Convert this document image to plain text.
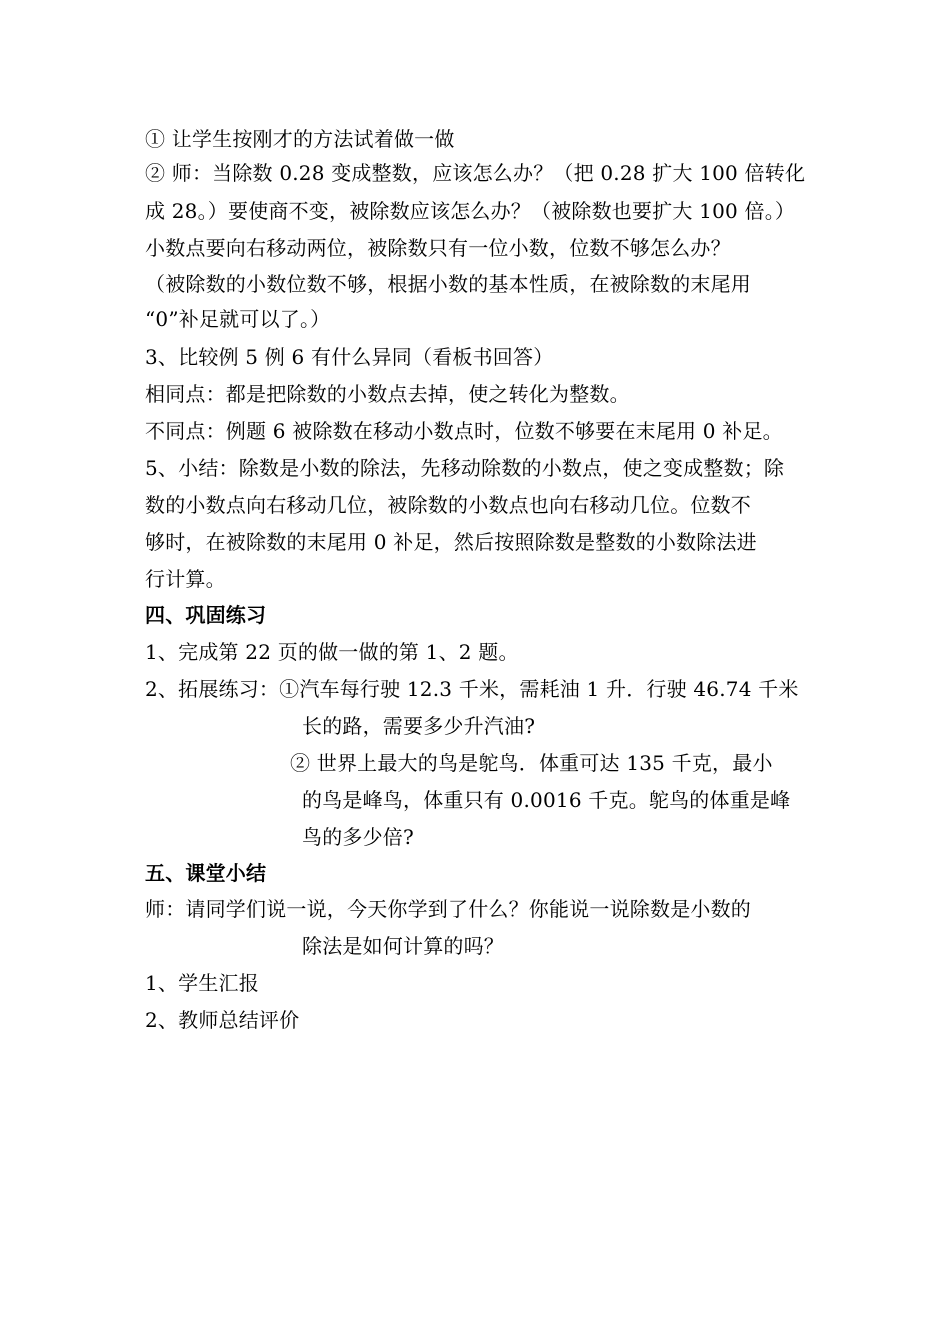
① 让学生按刚才的方法试着做一做
② 师：当除数 0.28 变成整数，应该怎么办？（把 0.28 扩大 100 倍转化
成 28。）要使商不变，被除数应该怎么办？（被除数也要扩大 100 倍。）
小数点要向右移动两位，被除数只有一位小数，位数不够怎么办？
（被除数的小数位数不够，根据小数的基本性质，在被除数的末尾用
“0”补足就可以了。）
3、比较例 5 例 6 有什么异同（看板书回答）
相同点：都是把除数的小数点去掉，使之转化为整数。
不同点：例题 6 被除数在移动小数点时，位数不够要在末尾用 0 补足。
5、小结：除数是小数的除法，先移动除数的小数点，使之变成整数；除
数的小数点向右移动几位，被除数的小数点也向右移动几位。位数不
够时，在被除数的末尾用 0 补足，然后按照除数是整数的小数除法进
行计算。
四、巩固练习
1、完成第 22 页的做一做的第 1、2 题。
2、拓展练习：①汽车每行驶 12.3 千米，需耗油 1 升．行驶 46.74 千米
长的路，需要多少升汽油?
② 世界上最大的鸟是鸵鸟．体重可达 135 千克，最小
的鸟是峰鸟，体重只有 0.0016 千克。鸵鸟的体重是峰
鸟的多少倍?
五、课堂小结
师：请同学们说一说，今天你学到了什么？你能说一说除数是小数的
除法是如何计算的吗？
1、学生汇报
2、教师总结评价
